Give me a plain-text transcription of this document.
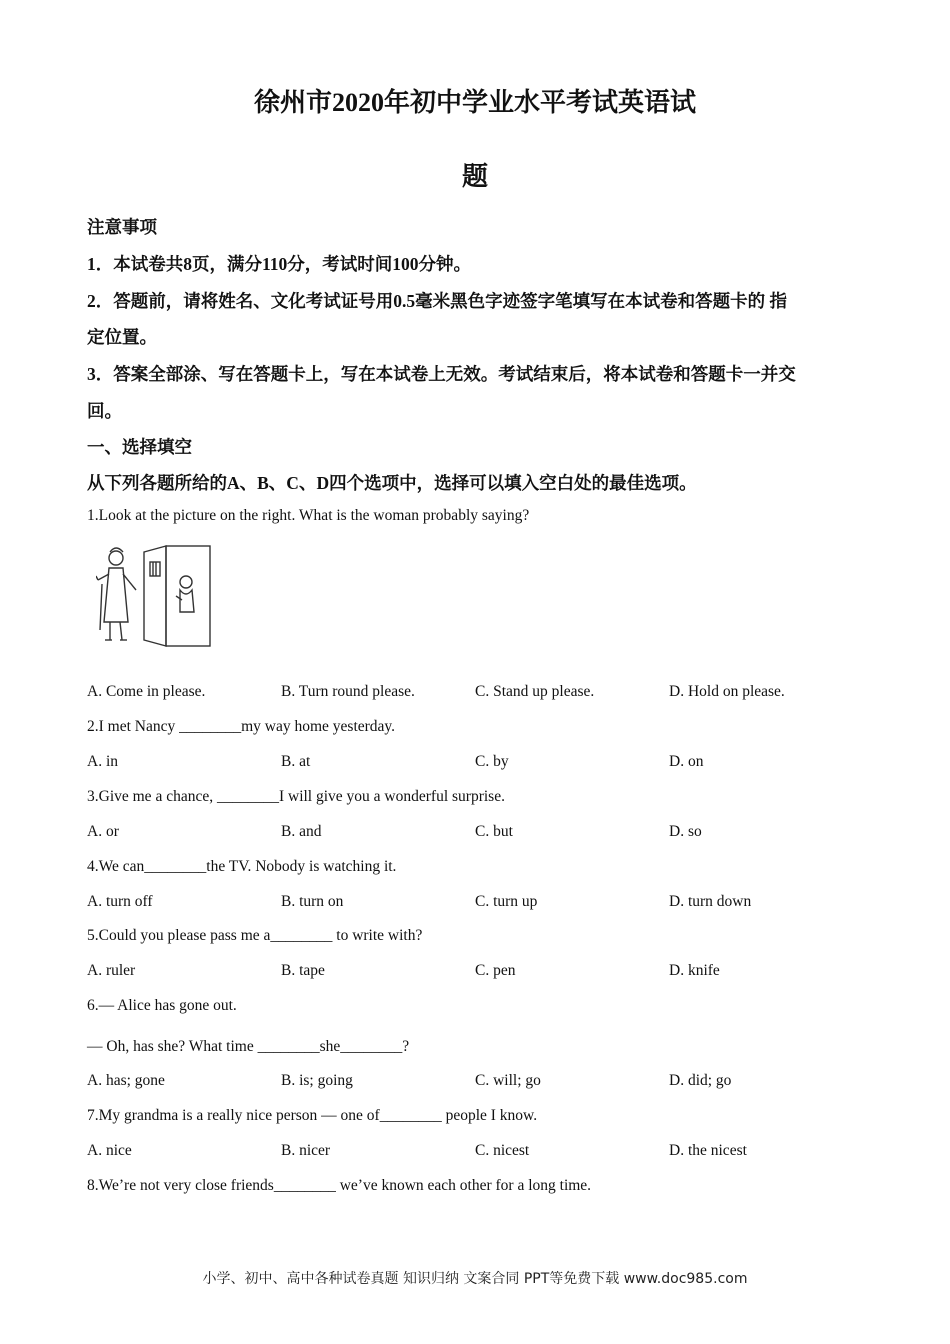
徐州市2020年初中学业水平考试英语试
题
注意事项
1．本试卷共8页，满分110分，考试时间100分钟。
2．答题前，请将姓名、文化考试证号用0.5毫米黑色字迹签字笔填写在本试卷和答题卡的 指
定位置。
3．答案全部涂、写在答题卡上，写在本试卷上无效。考试结束后，将本试卷和答题卡一并交
回。
一、选择填空
从下列各题所给的A、B、C、D四个选项中，选择可以填入空白处的最佳选项。
1.Look at the picture on the right. What is the woman probably saying?
A. Come in please.	B. Turn round please.	C. Stand up please.	D. Hold on please.
2.I met Nancy ________my way home yesterday.
A. in	B. at	C. by	D. on
3.Give me a chance, ________I will give you a wonderful surprise.
A. or	B. and	C. but	D. so
4.We can________the TV. Nobody is watching it.
A. turn off	B. turn on	C. turn up	D. turn down
5.Could you please pass me a________ to write with?
A. ruler	B. tape	C. pen	D. knife
6.— Alice has gone out.
— Oh, has she? What time ________she________?
A. has; gone	B. is; going	C. will; go	D. did; go
7.My grandma is a really nice person — one of________ people I know.
A. nice	B. nicer	C. nicest	D. the nicest
8.We’re not very close friends________ we’ve known each other for a long time.
小学、初中、高中各种试卷真题 知识归纳 文案合同 PPT等免费下载 www.doc985.com
